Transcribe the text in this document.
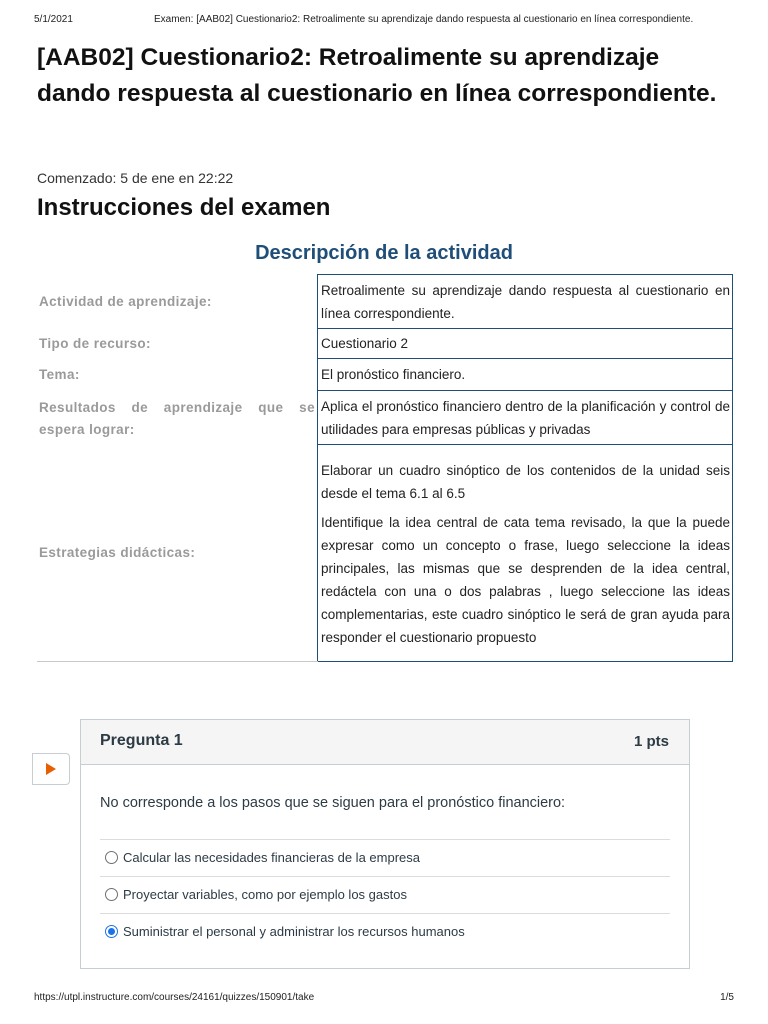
5/1/2021	Examen: [AAB02] Cuestionario2: Retroalimente su aprendizaje dando respuesta al cuestionario en línea correspondiente.
[AAB02] Cuestionario2: Retroalimente su aprendizaje dando respuesta al cuestionario en línea correspondiente.
Comenzado: 5 de ene en 22:22
Instrucciones del examen
Descripción de la actividad
Actividad de aprendizaje:	Retroalimente su aprendizaje dando respuesta al cuestionario en línea correspondiente.
Tipo de recurso:	Cuestionario 2
Tema:	El pronóstico financiero.
Resultados de aprendizaje que se espera lograr:	Aplica el pronóstico financiero dentro de la planificación y control de utilidades para empresas públicas y privadas
Estrategias didácticas:	Elaborar un cuadro sinóptico de los contenidos de la unidad seis desde el tema 6.1 al 6.5

Identifique la idea central de cata tema revisado, la que la puede expresar como un concepto o frase, luego seleccione la ideas principales, las mismas que se desprenden de la idea central, redáctela con una o dos palabras , luego seleccione las ideas complementarias, este cuadro sinóptico le será de gran ayuda para responder el cuestionario propuesto

Pregunta 1	1 pts
No corresponde a los pasos que se siguen para el pronóstico financiero:
Calcular las necesidades financieras de la empresa
Proyectar variables, como por ejemplo los gastos
Suministrar el personal y administrar los recursos humanos
https://utpl.instructure.com/courses/24161/quizzes/150901/take	1/5
